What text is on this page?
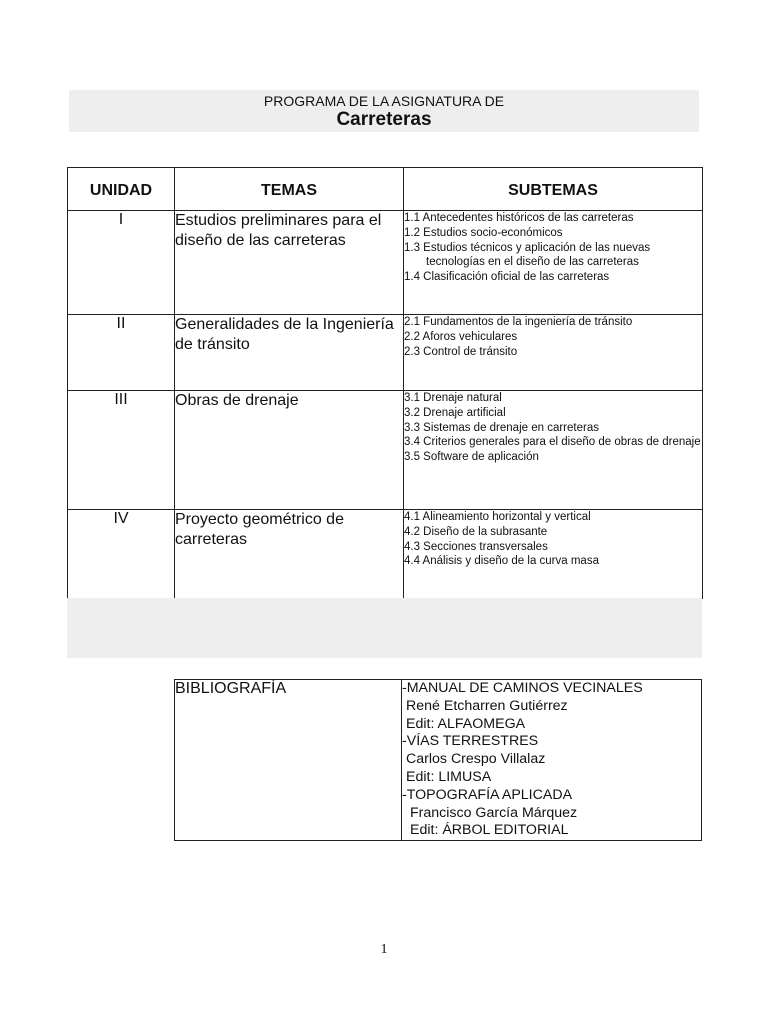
PROGRAMA DE LA ASIGNATURA DE
Carreteras
UNIDAD	TEMAS	SUBTEMAS
I	Estudios preliminares para el diseño de las carreteras	1.1 Antecedentes históricos de las carreteras
1.2 Estudios socio-económicos
1.3 Estudios técnicos y aplicación de las nuevas
tecnologías en el diseño de las carreteras
1.4 Clasificación oficial de las carreteras

II	Generalidades de la Ingeniería de tránsito	2.1 Fundamentos de la ingeniería de tránsito
2.2 Aforos vehiculares
2.3 Control de tránsito

III	Obras de drenaje	3.1 Drenaje natural
3.2 Drenaje artificial
3.3 Sistemas de drenaje en carreteras
3.4 Criterios generales para el diseño de obras de drenaje
3.5 Software de aplicación

IV	Proyecto geométrico de carreteras	4.1 Alineamiento horizontal y vertical
4.2 Diseño de la subrasante
4.3 Secciones transversales
4.4 Análisis y diseño de la curva masa
BIBLIOGRAFÍA	-MANUAL DE CAMINOS VECINALES
René Etcharren Gutiérrez
Edit: ALFAOMEGA
-VÍAS TERRESTRES
Carlos Crespo Villalaz
Edit: LIMUSA
-TOPOGRAFÍA APLICADA
Francisco García Márquez
Edit: ÁRBOL EDITORIAL
1
